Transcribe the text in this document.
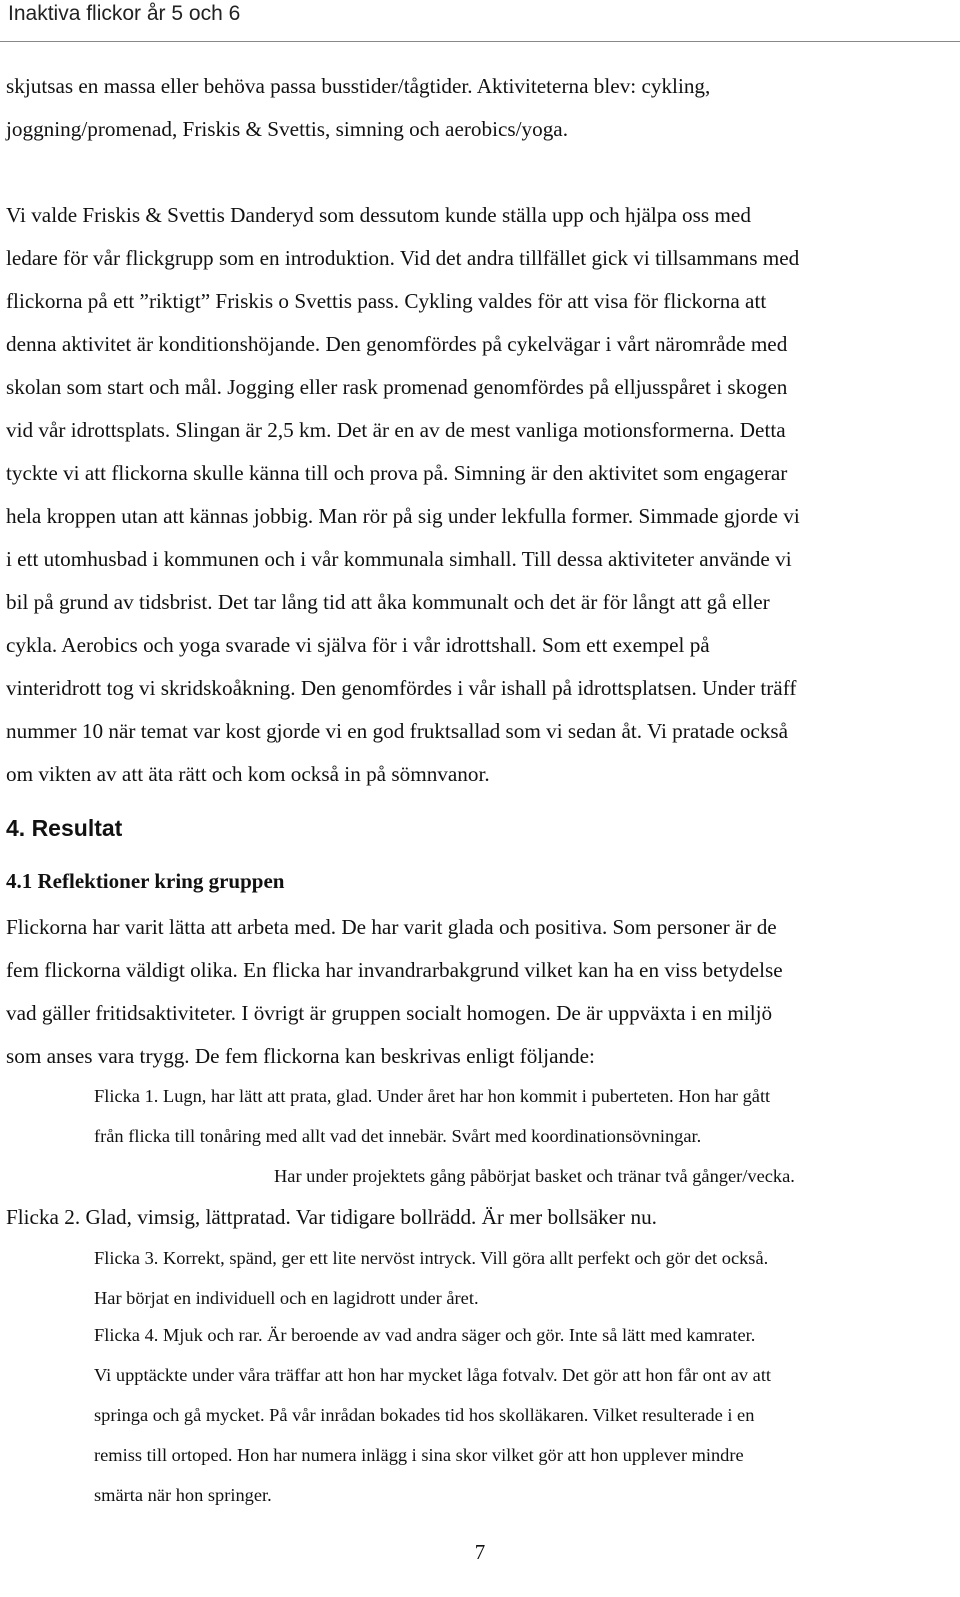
Inaktiva flickor år 5 och 6
skjutsas en massa eller behöva passa busstider/tågtider. Aktiviteterna blev: cykling,
joggning/promenad, Friskis & Svettis, simning och aerobics/yoga.
Vi valde Friskis & Svettis Danderyd som dessutom kunde ställa upp och hjälpa oss med
ledare för vår flickgrupp som en introduktion. Vid det andra tillfället gick vi tillsammans med
flickorna på ett ”riktigt” Friskis o Svettis pass. Cykling valdes för att visa för flickorna att
denna aktivitet är konditionshöjande. Den genomfördes på cykelvägar i vårt närområde med
skolan som start och mål. Jogging eller rask promenad genomfördes på elljusspåret i skogen
vid vår idrottsplats. Slingan är 2,5 km. Det är en av de mest vanliga motionsformerna. Detta
tyckte vi att flickorna skulle känna till och prova på. Simning är den aktivitet som engagerar
hela kroppen utan att kännas jobbig. Man rör på sig under lekfulla former. Simmade gjorde vi
i ett utomhusbad i kommunen och i vår kommunala simhall. Till dessa aktiviteter använde vi
bil på grund av tidsbrist. Det tar lång tid att åka kommunalt och det är för långt att gå eller
cykla. Aerobics och yoga svarade vi själva för i vår idrottshall. Som ett exempel på
vinteridrott tog vi skridskoåkning. Den genomfördes i vår ishall på idrottsplatsen. Under träff
nummer 10 när temat var kost gjorde vi en god fruktsallad som vi sedan åt. Vi pratade också
om vikten av att äta rätt och kom också in på sömnvanor.
4. Resultat
4.1 Reflektioner kring gruppen
Flickorna har varit lätta att arbeta med. De har varit glada och positiva. Som personer är de
fem flickorna väldigt olika. En flicka har invandrarbakgrund vilket kan ha en viss betydelse
vad gäller fritidsaktiviteter. I övrigt är gruppen socialt homogen. De är uppväxta i en miljö
som anses vara trygg. De fem flickorna kan beskrivas enligt följande:
Flicka 1. Lugn, har lätt att prata, glad. Under året har hon kommit i puberteten. Hon har gått
från flicka till tonåring med allt vad det innebär. Svårt med koordinationsövningar.
Har under projektets gång påbörjat basket och tränar två gånger/vecka.
Flicka 2. Glad, vimsig, lättpratad. Var tidigare bollrädd. Är mer bollsäker nu.
Flicka 3. Korrekt, spänd, ger ett lite nervöst intryck. Vill göra allt perfekt och gör det också.
Har börjat en individuell och en lagidrott under året.
Flicka 4. Mjuk och rar. Är beroende av vad andra säger och gör. Inte så lätt med kamrater.
Vi upptäckte under våra träffar att hon har mycket låga fotvalv. Det gör att hon får ont av att
springa och gå mycket. På vår inrådan bokades tid hos skolläkaren. Vilket resulterade i en
remiss till ortoped. Hon har numera inlägg i sina skor vilket gör att hon upplever mindre
smärta när hon springer.
7
